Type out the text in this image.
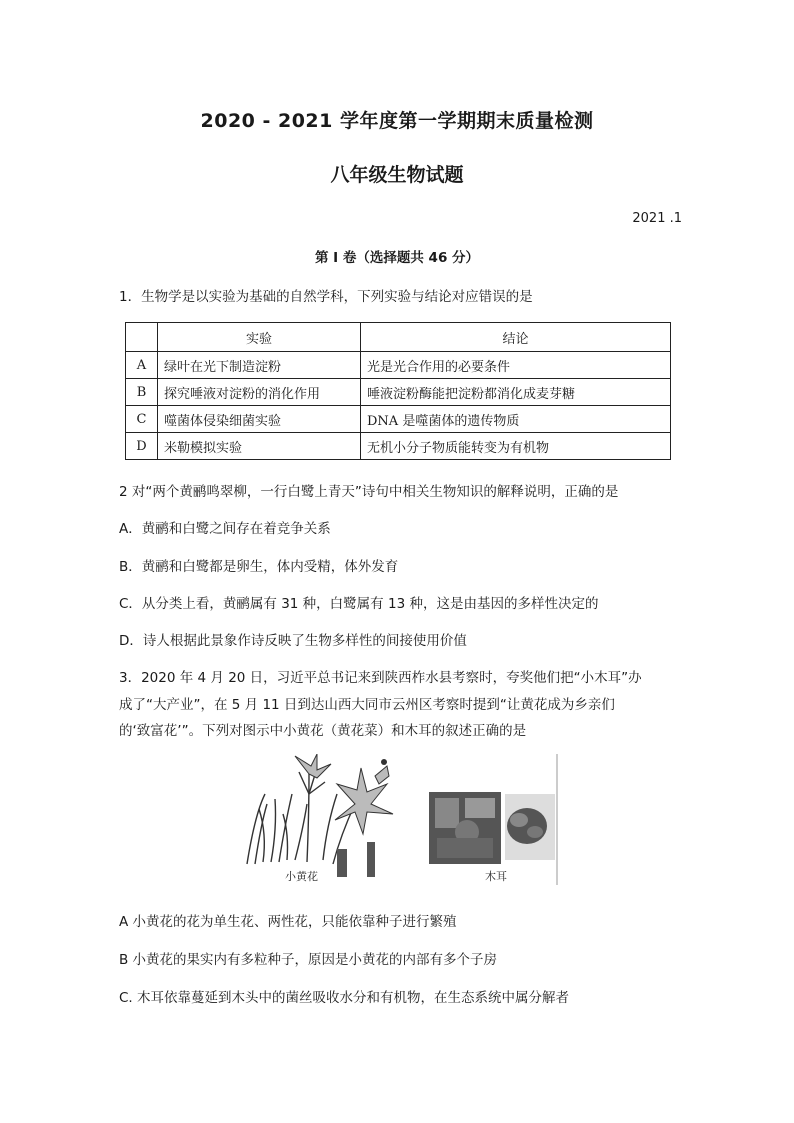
2020 - 2021 学年度第一学期期末质量检测
八年级生物试题
2021 .1
第 I 卷（选择题共 46 分）
1．生物学是以实验为基础的自然学科，下列实验与结论对应错误的是
	实验	结论
A	绿叶在光下制造淀粉	光是光合作用的必要条件
B	探究唾液对淀粉的消化作用	唾液淀粉酶能把淀粉都消化成麦芽糖
C	噬菌体侵染细菌实验	DNA 是噬菌体的遗传物质
D	米勒模拟实验	无机小分子物质能转变为有机物
2 对“两个黄鹂鸣翠柳，一行白鹭上青天”诗句中相关生物知识的解释说明，正确的是
A．黄鹂和白鹭之间存在着竞争关系
B．黄鹂和白鹭都是卵生，体内受精，体外发育
C．从分类上看，黄鹂属有 31 种，白鹭属有 13 种，这是由基因的多样性决定的
D．诗人根据此景象作诗反映了生物多样性的间接使用价值
3．2020 年 4 月 20 日，习近平总书记来到陕西柞水县考察时，夸奖他们把“小木耳”办
成了“大产业”，在 5 月 11 日到达山西大同市云州区考察时提到“让黄花成为乡亲们
的‘致富花’”。下列对图示中小黄花（黄花菜）和木耳的叙述正确的是
小黄花	木耳
A 小黄花的花为单生花、两性花，只能依靠种子进行繁殖
B 小黄花的果实内有多粒种子，原因是小黄花的内部有多个子房
C. 木耳依靠蔓延到木头中的菌丝吸收水分和有机物，在生态系统中属分解者
